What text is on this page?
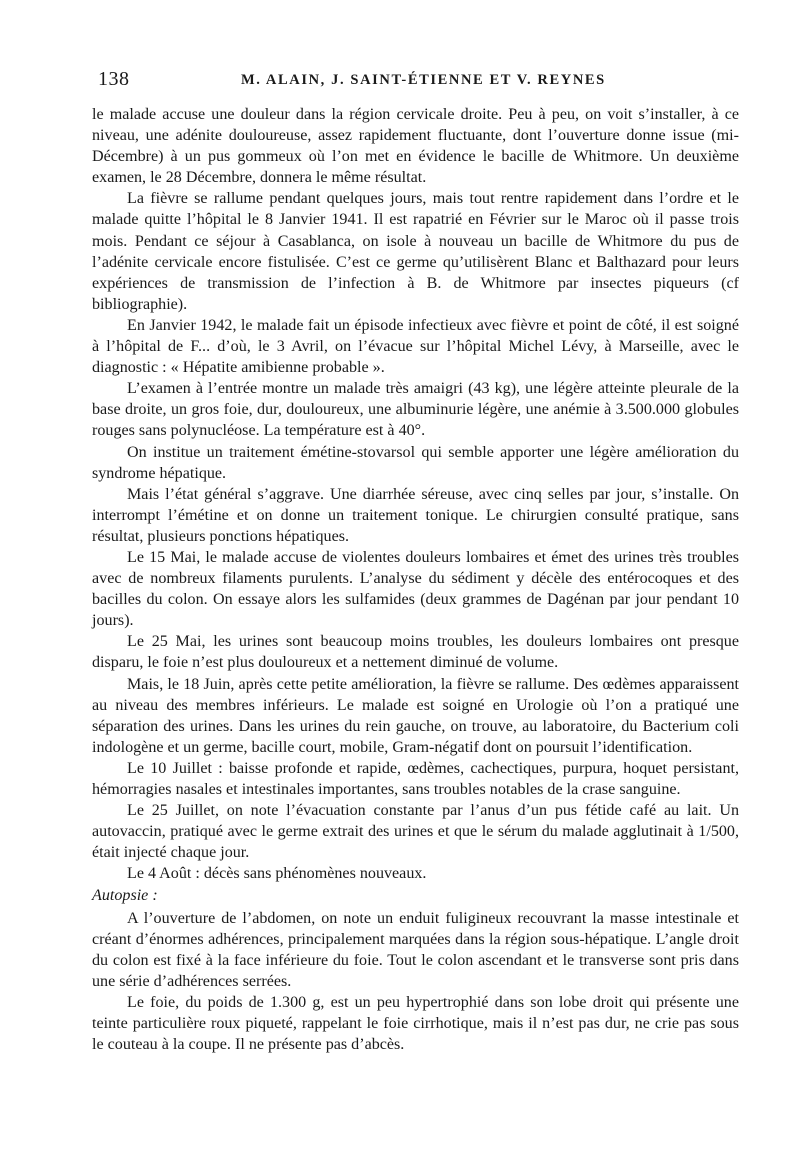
138	M. ALAIN, J. SAINT-ÉTIENNE ET V. REYNES

le malade accuse une douleur dans la région cervicale droite. Peu à peu, on voit s’installer, à ce niveau, une adénite douloureuse, assez rapidement fluctuante, dont l’ouverture donne issue (mi-Décembre) à un pus gommeux où l’on met en évidence le bacille de Whitmore. Un deuxième examen, le 28 Décembre, donnera le même résultat.

La fièvre se rallume pendant quelques jours, mais tout rentre rapidement dans l’ordre et le malade quitte l’hôpital le 8 Janvier 1941. Il est rapatrié en Février sur le Maroc où il passe trois mois. Pendant ce séjour à Casablanca, on isole à nouveau un bacille de Whitmore du pus de l’adénite cervicale encore fistulisée. C’est ce germe qu’utilisèrent Blanc et Balthazard pour leurs expériences de transmission de l’infection à B. de Whitmore par insectes piqueurs (cf bibliographie).

En Janvier 1942, le malade fait un épisode infectieux avec fièvre et point de côté, il est soigné à l’hôpital de F... d’où, le 3 Avril, on l’évacue sur l’hôpital Michel Lévy, à Marseille, avec le diagnostic : « Hépatite amibienne probable ».

L’examen à l’entrée montre un malade très amaigri (43 kg), une légère atteinte pleurale de la base droite, un gros foie, dur, douloureux, une albuminurie légère, une anémie à 3.500.000 globules rouges sans polynucléose. La température est à 40°.

On institue un traitement émétine-stovarsol qui semble apporter une légère amélioration du syndrome hépatique.

Mais l’état général s’aggrave. Une diarrhée séreuse, avec cinq selles par jour, s’installe. On interrompt l’émétine et on donne un traitement tonique. Le chirurgien consulté pratique, sans résultat, plusieurs ponctions hépatiques.

Le 15 Mai, le malade accuse de violentes douleurs lombaires et émet des urines très troubles avec de nombreux filaments purulents. L’analyse du sédiment y décèle des entérocoques et des bacilles du colon. On essaye alors les sulfamides (deux grammes de Dagénan par jour pendant 10 jours).

Le 25 Mai, les urines sont beaucoup moins troubles, les douleurs lombaires ont presque disparu, le foie n’est plus douloureux et a nettement diminué de volume.

Mais, le 18 Juin, après cette petite amélioration, la fièvre se rallume. Des œdèmes apparaissent au niveau des membres inférieurs. Le malade est soigné en Urologie où l’on a pratiqué une séparation des urines. Dans les urines du rein gauche, on trouve, au laboratoire, du Bacterium coli indologène et un germe, bacille court, mobile, Gram-négatif dont on poursuit l’identification.

Le 10 Juillet : baisse profonde et rapide, œdèmes, cachectiques, purpura, hoquet persistant, hémorragies nasales et intestinales importantes, sans troubles notables de la crase sanguine.

Le 25 Juillet, on note l’évacuation constante par l’anus d’un pus fétide café au lait. Un autovaccin, pratiqué avec le germe extrait des urines et que le sérum du malade agglutinait à 1/500, était injecté chaque jour.

Le 4 Août : décès sans phénomènes nouveaux.

Autopsie :

A l’ouverture de l’abdomen, on note un enduit fuligineux recouvrant la masse intestinale et créant d’énormes adhérences, principalement marquées dans la région sous-hépatique. L’angle droit du colon est fixé à la face inférieure du foie. Tout le colon ascendant et le transverse sont pris dans une série d’adhérences serrées.

Le foie, du poids de 1.300 g, est un peu hypertrophié dans son lobe droit qui présente une teinte particulière roux piqueté, rappelant le foie cirrhotique, mais il n’est pas dur, ne crie pas sous le couteau à la coupe. Il ne présente pas d’abcès.
